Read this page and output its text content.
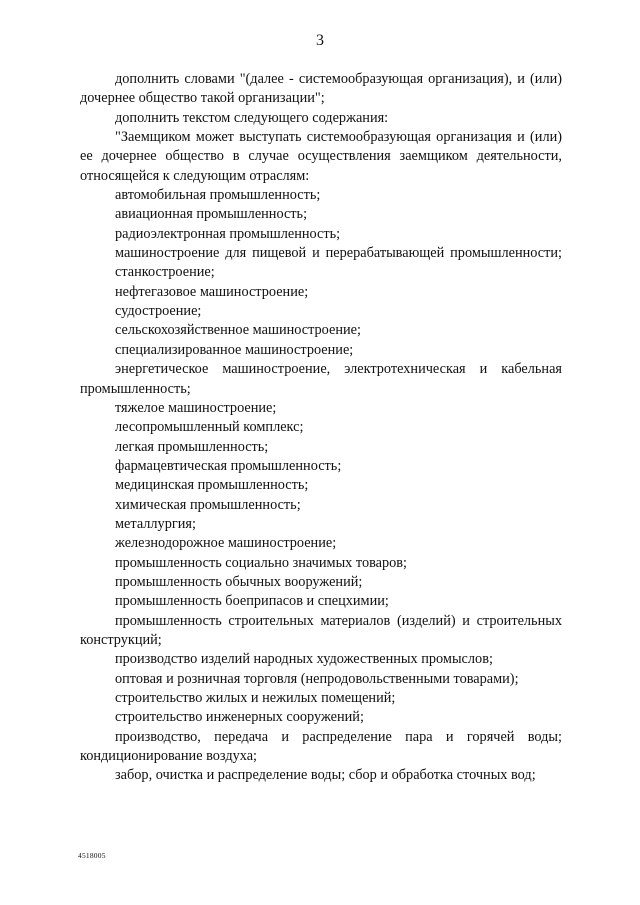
3

дополнить словами "(далее - системообразующая организация), и (или) дочернее общество такой организации";

дополнить текстом следующего содержания:

"Заемщиком может выступать системообразующая организация и (или) ее дочернее общество в случае осуществления заемщиком деятельности, относящейся к следующим отраслям:

автомобильная промышленность;

авиационная промышленность;

радиоэлектронная промышленность;

машиностроение для пищевой и перерабатывающей промышленности;

станкостроение;

нефтегазовое машиностроение;

судостроение;

сельскохозяйственное машиностроение;

специализированное машиностроение;

энергетическое машиностроение, электротехническая и кабельная промышленность;

тяжелое машиностроение;

лесопромышленный комплекс;

легкая промышленность;

фармацевтическая промышленность;

медицинская промышленность;

химическая промышленность;

металлургия;

железнодорожное машиностроение;

промышленность социально значимых товаров;

промышленность обычных вооружений;

промышленность боеприпасов и спецхимии;

промышленность строительных материалов (изделий) и строительных конструкций;

производство изделий народных художественных промыслов;

оптовая и розничная торговля (непродовольственными товарами);

строительство жилых и нежилых помещений;

строительство инженерных сооружений;

производство, передача и распределение пара и горячей воды; кондиционирование воздуха;

забор, очистка и распределение воды; сбор и обработка сточных вод;

4518005
